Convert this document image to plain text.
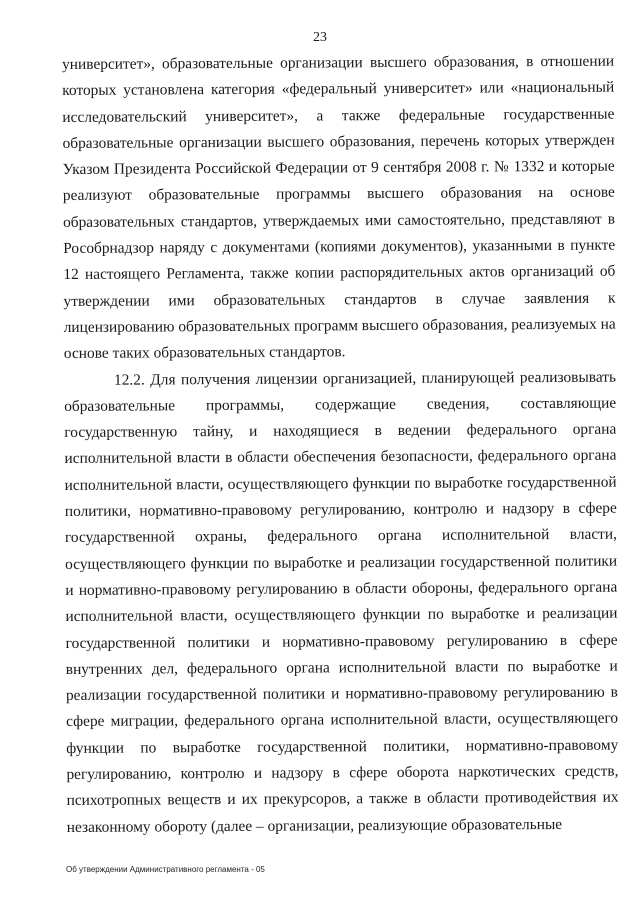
23

университет», образовательные организации высшего образования, в отношении которых установлена категория «федеральный университет» или «национальный исследовательский университет», а также федеральные государственные образовательные организации высшего образования, перечень которых утвержден Указом Президента Российской Федерации от 9 сентября 2008 г. № 1332 и которые реализуют образовательные программы высшего образования на основе образовательных стандартов, утверждаемых ими самостоятельно, представляют в Рособрнадзор наряду с документами (копиями документов), указанными в пункте 12 настоящего Регламента, также копии распорядительных актов организаций об утверждении ими образовательных стандартов в случае заявления к лицензированию образовательных программ высшего образования, реализуемых на основе таких образовательных стандартов.

12.2. Для получения лицензии организацией, планирующей реализовывать образовательные программы, содержащие сведения, составляющие государственную тайну, и находящиеся в ведении федерального органа исполнительной власти в области обеспечения безопасности, федерального органа исполнительной власти, осуществляющего функции по выработке государственной политики, нормативно-правовому регулированию, контролю и надзору в сфере государственной охраны, федерального органа исполнительной власти, осуществляющего функции по выработке и реализации государственной политики и нормативно-правовому регулированию в области обороны, федерального органа исполнительной власти, осуществляющего функции по выработке и реализации государственной политики и нормативно-правовому регулированию в сфере внутренних дел, федерального органа исполнительной власти по выработке и реализации государственной политики и нормативно-правовому регулированию в сфере миграции, федерального органа исполнительной власти, осуществляющего функции по выработке государственной политики, нормативно-правовому регулированию, контролю и надзору в сфере оборота наркотических средств, психотропных веществ и их прекурсоров, а также в области противодействия их незаконному обороту (далее – организации, реализующие образовательные

Об утверждении Административного регламента - 05
